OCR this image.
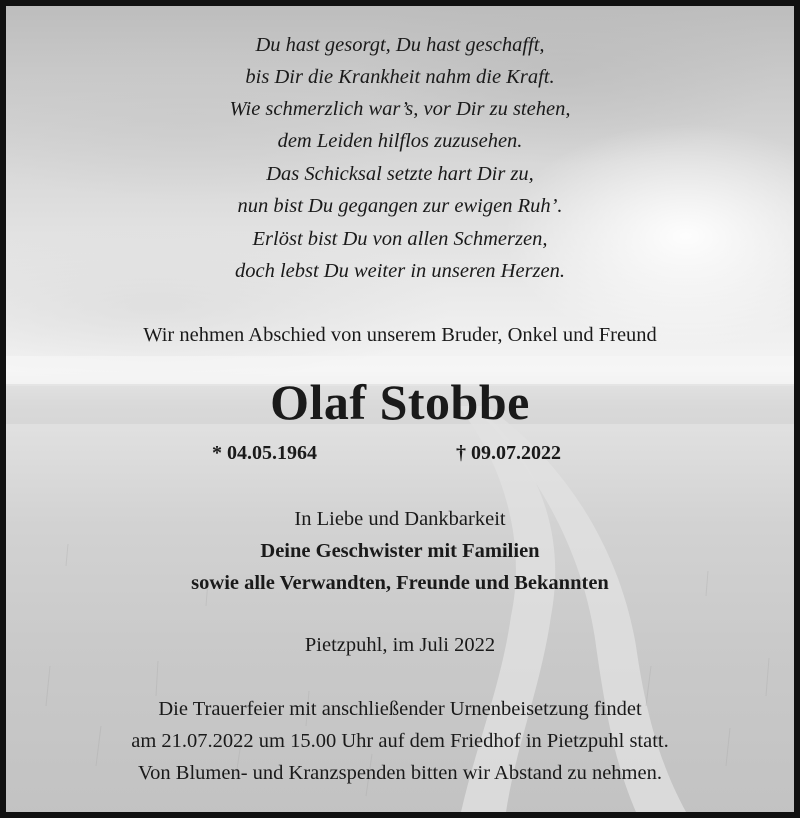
Du hast gesorgt, Du hast geschafft,
bis Dir die Krankheit nahm die Kraft.
Wie schmerzlich war’s, vor Dir zu stehen,
dem Leiden hilflos zuzusehen.
Das Schicksal setzte hart Dir zu,
nun bist Du gegangen zur ewigen Ruh’.
Erlöst bist Du von allen Schmerzen,
doch lebst Du weiter in unseren Herzen.
Wir nehmen Abschied von unserem Bruder, Onkel und Freund
Olaf Stobbe
* 04.05.1964	† 09.07.2022
In Liebe und Dankbarkeit
Deine Geschwister mit Familien
sowie alle Verwandten, Freunde und Bekannten
Pietzpuhl, im Juli 2022
Die Trauerfeier mit anschließender Urnenbeisetzung findet
am 21.07.2022 um 15.00 Uhr auf dem Friedhof in Pietzpuhl statt.
Von Blumen- und Kranzspenden bitten wir Abstand zu nehmen.
